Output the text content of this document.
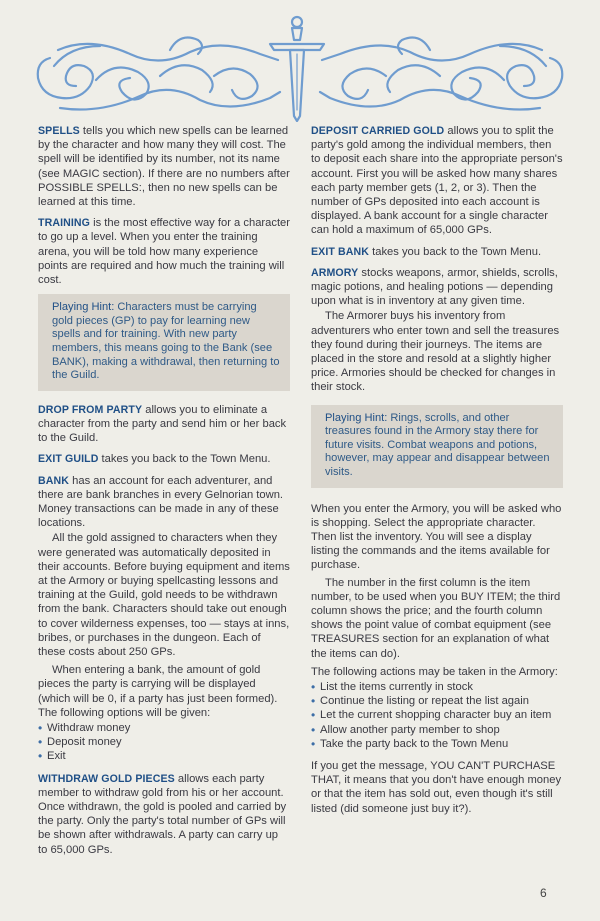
SPELLS tells you which new spells can be learned by the character and how many they will cost. The spell will be identified by its number, not its name (see MAGIC section). If there are no numbers after POSSIBLE SPELLS:, then no new spells can be learned at this time.

TRAINING is the most effective way for a character to go up a level. When you enter the training arena, you will be told how many experience points are required and how much the training will cost.

Playing Hint: Characters must be carrying gold pieces (GP) to pay for learning new spells and for training. With new party members, this means going to the Bank (see BANK), making a withdrawal, then returning to the Guild.

DROP FROM PARTY allows you to eliminate a character from the party and send him or her back to the Guild.

EXIT GUILD takes you back to the Town Menu.

BANK has an account for each adventurer, and there are bank branches in every Gelnorian town. Money transactions can be made in any of these locations.

All the gold assigned to characters when they were generated was automatically deposited in their accounts. Before buying equipment and items at the Armory or buying spellcasting lessons and training at the Guild, gold needs to be withdrawn from the bank. Characters should take out enough to cover wilderness expenses, too — stays at inns, bribes, or purchases in the dungeon. Each of these costs about 250 GPs.

When entering a bank, the amount of gold pieces the party is carrying will be displayed (which will be 0, if a party has just been formed). The following options will be given:

• Withdraw money
• Deposit money
• Exit

WITHDRAW GOLD PIECES allows each party member to withdraw gold from his or her account. Once withdrawn, the gold is pooled and carried by the party. Only the party's total number of GPs will be shown after withdrawals. A party can carry up to 65,000 GPs.

DEPOSIT CARRIED GOLD allows you to split the party's gold among the individual members, then to deposit each share into the appropriate person's account. First you will be asked how many shares each party member gets (1, 2, or 3). Then the number of GPs deposited into each account is displayed. A bank account for a single character can hold a maximum of 65,000 GPs.

EXIT BANK takes you back to the Town Menu.

ARMORY stocks weapons, armor, shields, scrolls, magic potions, and healing potions — depending upon what is in inventory at any given time.

The Armorer buys his inventory from adventurers who enter town and sell the treasures they found during their journeys. The items are placed in the store and resold at a slightly higher price. Armories should be checked for changes in their stock.

Playing Hint: Rings, scrolls, and other treasures found in the Armory stay there for future visits. Combat weapons and potions, however, may appear and disappear between visits.

When you enter the Armory, you will be asked who is shopping. Select the appropriate character. Then list the inventory. You will see a display listing the commands and the items available for purchase.

The number in the first column is the item number, to be used when you BUY ITEM; the third column shows the price; and the fourth column shows the point value of combat equipment (see TREASURES section for an explanation of what the items can do).

The following actions may be taken in the Armory:

• List the items currently in stock
• Continue the listing or repeat the list again
• Let the current shopping character buy an item
• Allow another party member to shop
• Take the party back to the Town Menu

If you get the message, YOU CAN'T PURCHASE THAT, it means that you don't have enough money or that the item has sold out, even though it's still listed (did someone just buy it?).

6
